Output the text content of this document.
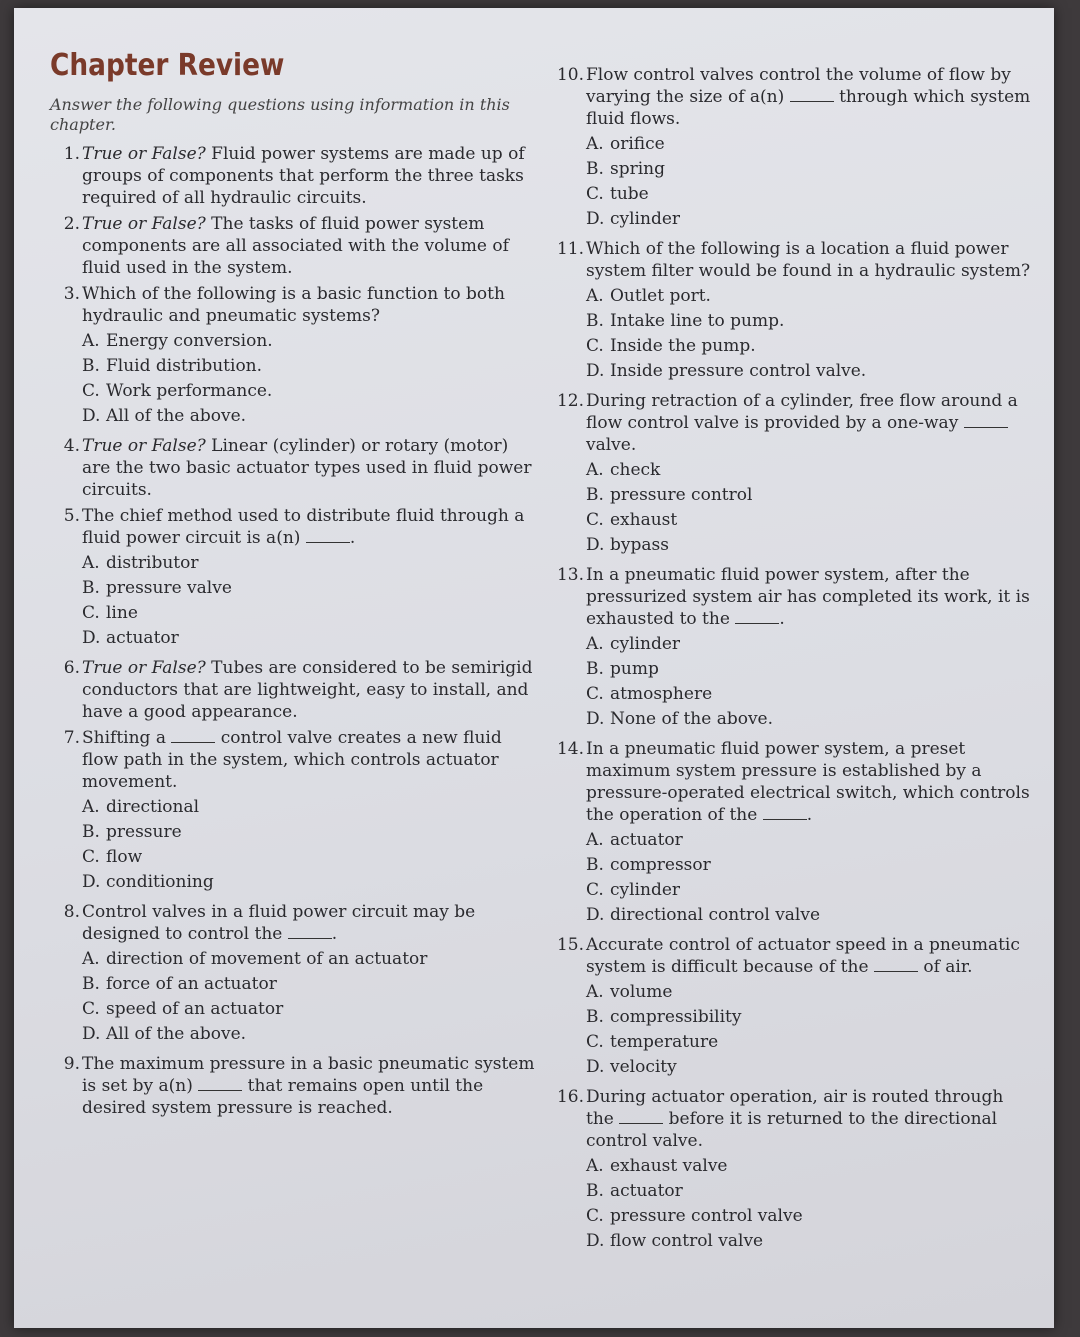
Chapter Review
Answer the following questions using information in this chapter.
1. True or False? Fluid power systems are made up of groups of components that perform the three tasks required of all hydraulic circuits.
2. True or False? The tasks of fluid power system components are all associated with the volume of fluid used in the system.
3. Which of the following is a basic function to both hydraulic and pneumatic systems?
A. Energy conversion.
B. Fluid distribution.
C. Work performance.
D. All of the above.
4. True or False? Linear (cylinder) or rotary (motor) are the two basic actuator types used in fluid power circuits.
5. The chief method used to distribute fluid through a fluid power circuit is a(n)	.
A. distributor
B. pressure valve
C. line
D. actuator
6. True or False? Tubes are considered to be semirigid conductors that are lightweight, easy to install, and have a good appearance.
7. Shifting a	control valve creates a new fluid flow path in the system, which controls actuator movement.
A. directional
B. pressure
C. flow
D. conditioning
8. Control valves in a fluid power circuit may be designed to control the	.
A. direction of movement of an actuator
B. force of an actuator
C. speed of an actuator
D. All of the above.
9. The maximum pressure in a basic pneumatic system is set by a(n)	that remains open until the desired system pressure is reached.
10. Flow control valves control the volume of flow by varying the size of a(n)	through which system fluid flows.
A. orifice
B. spring
C. tube
D. cylinder
11. Which of the following is a location a fluid power system filter would be found in a hydraulic system?
A. Outlet port.
B. Intake line to pump.
C. Inside the pump.
D. Inside pressure control valve.
12. During retraction of a cylinder, free flow around a flow control valve is provided by a one-way  valve.
A. check
B. pressure control
C. exhaust
D. bypass
13. In a pneumatic fluid power system, after the pressurized system air has completed its work, it is exhausted to the	.
A. cylinder
B. pump
C. atmosphere
D. None of the above.
14. In a pneumatic fluid power system, a preset maximum system pressure is established by a pressure-operated electrical switch, which controls the operation of the	.
A. actuator
B. compressor
C. cylinder
D. directional control valve
15. Accurate control of actuator speed in a pneumatic system is difficult because of the	of air.
A. volume
B. compressibility
C. temperature
D. velocity
16. During actuator operation, air is routed through the	before it is returned to the directional control valve.
A. exhaust valve
B. actuator
C. pressure control valve
D. flow control valve
